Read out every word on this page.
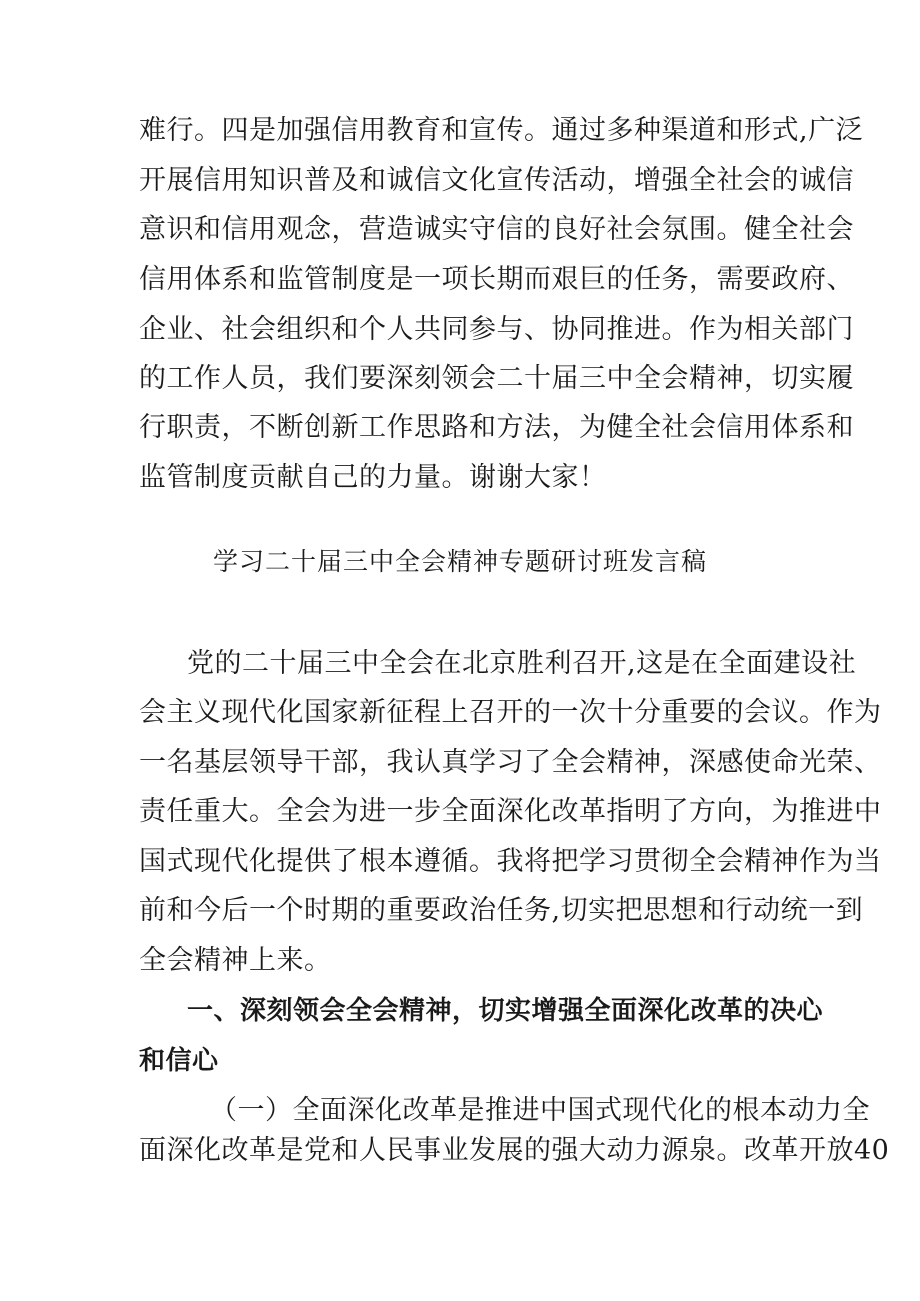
难行。四是加强信用教育和宣传。通过多种渠道和形式,广泛
开展信用知识普及和诚信文化宣传活动，增强全社会的诚信
意识和信用观念，营造诚实守信的良好社会氛围。健全社会
信用体系和监管制度是一项长期而艰巨的任务，需要政府、
企业、社会组织和个人共同参与、协同推进。作为相关部门
的工作人员，我们要深刻领会二十届三中全会精神，切实履
行职责，不断创新工作思路和方法，为健全社会信用体系和
监管制度贡献自己的力量。谢谢大家！
学习二十届三中全会精神专题研讨班发言稿
党的二十届三中全会在北京胜利召开,这是在全面建设社
会主义现代化国家新征程上召开的一次十分重要的会议。作为
一名基层领导干部，我认真学习了全会精神，深感使命光荣、
责任重大。全会为进一步全面深化改革指明了方向，为推进中
国式现代化提供了根本遵循。我将把学习贯彻全会精神作为当
前和今后一个时期的重要政治任务,切实把思想和行动统一到
全会精神上来。
一、深刻领会全会精神，切实增强全面深化改革的决心
和信心
（一）全面深化改革是推进中国式现代化的根本动力全
面深化改革是党和人民事业发展的强大动力源泉。改革开放40
